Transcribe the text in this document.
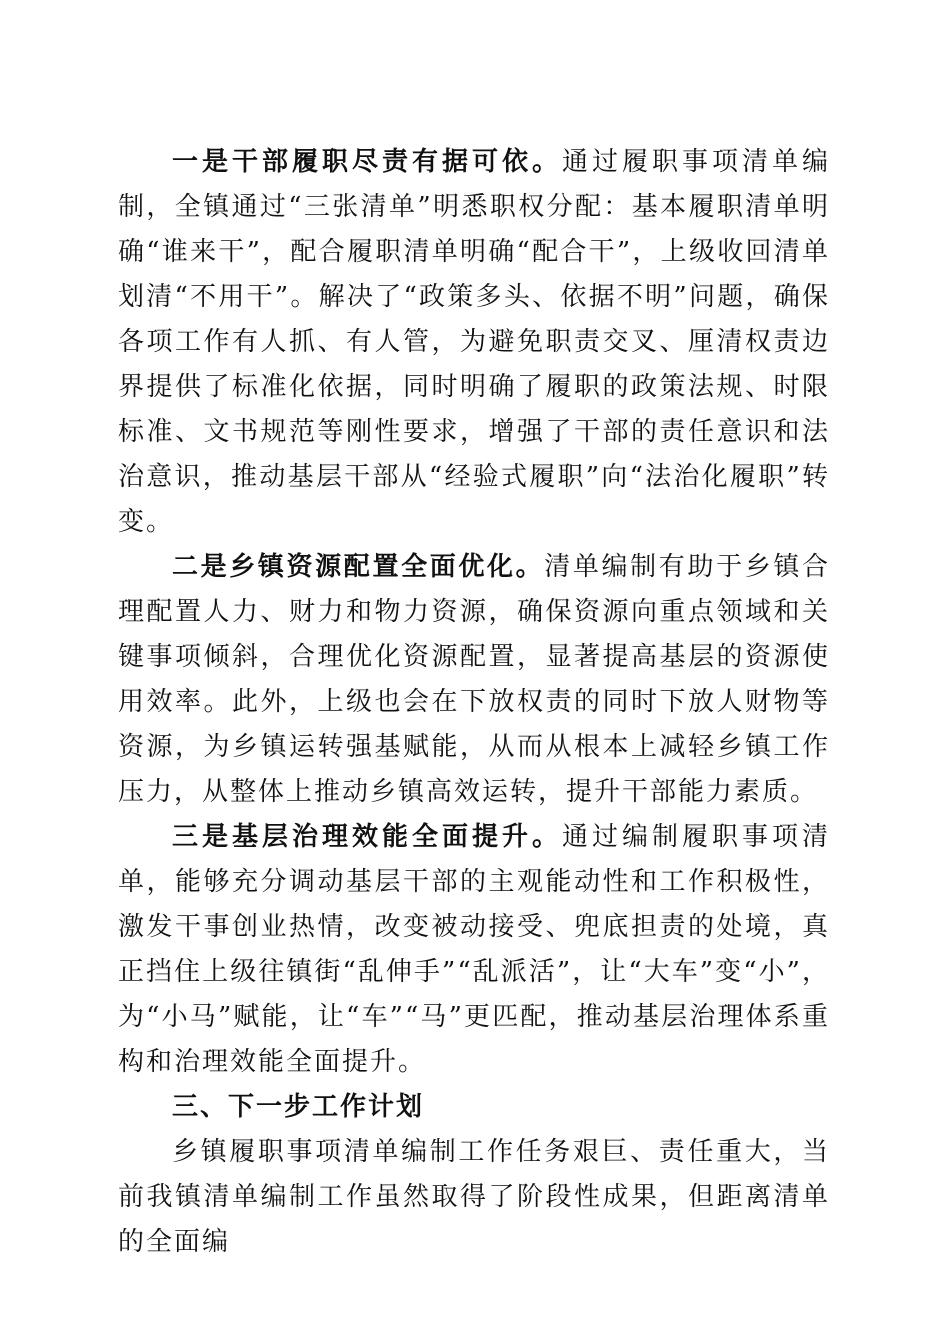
一是干部履职尽责有据可依。通过履职事项清单编制，全镇通过“三张清单”明悉职权分配：基本履职清单明确“谁来干”，配合履职清单明确“配合干”，上级收回清单划清“不用干”。解决了“政策多头、依据不明”问题，确保各项工作有人抓、有人管，为避免职责交叉、厘清权责边界提供了标准化依据，同时明确了履职的政策法规、时限标准、文书规范等刚性要求，增强了干部的责任意识和法治意识，推动基层干部从“经验式履职”向“法治化履职”转变。

二是乡镇资源配置全面优化。清单编制有助于乡镇合理配置人力、财力和物力资源，确保资源向重点领域和关键事项倾斜，合理优化资源配置，显著提高基层的资源使用效率。此外，上级也会在下放权责的同时下放人财物等资源，为乡镇运转强基赋能，从而从根本上减轻乡镇工作压力，从整体上推动乡镇高效运转，提升干部能力素质。

三是基层治理效能全面提升。通过编制履职事项清单，能够充分调动基层干部的主观能动性和工作积极性，激发干事创业热情，改变被动接受、兜底担责的处境，真正挡住上级往镇街“乱伸手”“乱派活”，让“大车”变“小”，为“小马”赋能，让“车”“马”更匹配，推动基层治理体系重构和治理效能全面提升。

三、下一步工作计划

乡镇履职事项清单编制工作任务艰巨、责任重大，当前我镇清单编制工作虽然取得了阶段性成果，但距离清单的全面编
